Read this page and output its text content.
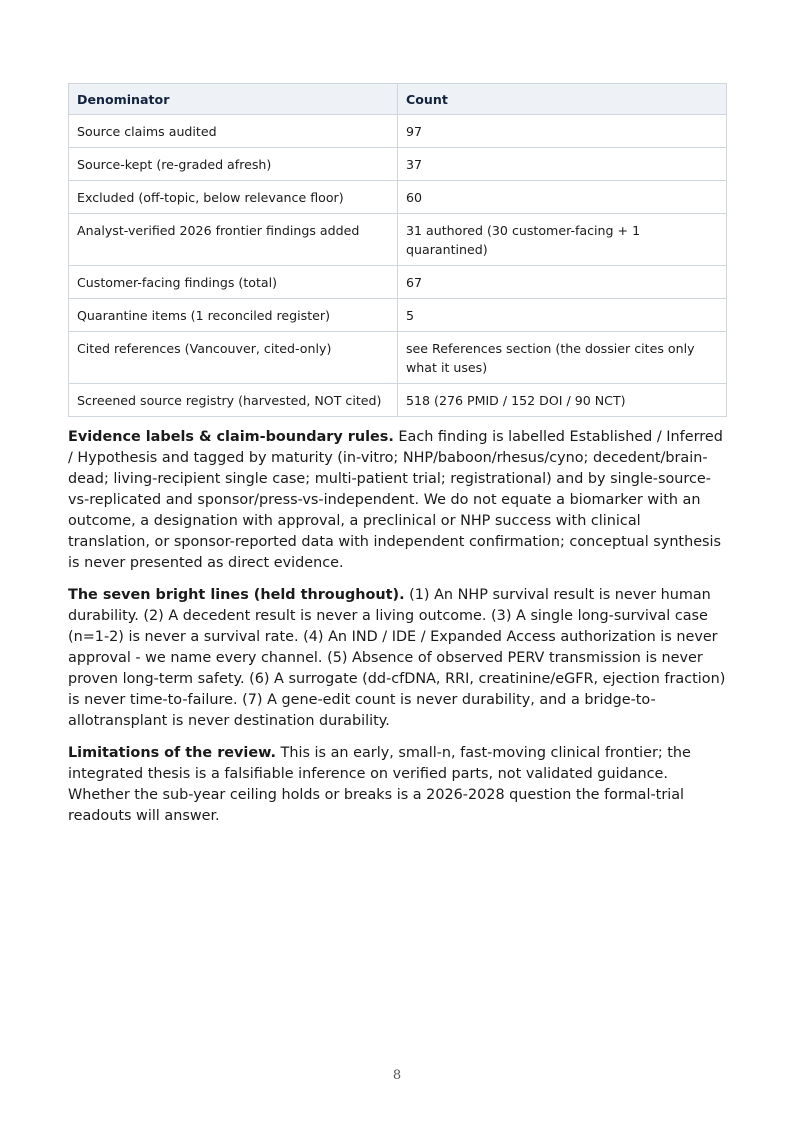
Denominator	Count
Source claims audited	97
Source-kept (re-graded afresh)	37
Excluded (off-topic, below relevance floor)	60
Analyst-verified 2026 frontier findings added	31 authored (30 customer-facing + 1 quarantined)
Customer-facing findings (total)	67
Quarantine items (1 reconciled register)	5
Cited references (Vancouver, cited-only)	see References section (the dossier cites only what it uses)
Screened source registry (harvested, NOT cited)	518 (276 PMID / 152 DOI / 90 NCT)

Evidence labels & claim-boundary rules. Each finding is labelled Established / Inferred / Hypothesis and tagged by maturity (in-vitro; NHP/baboon/rhesus/cyno; decedent/brain-dead; living-recipient single case; multi-patient trial; registrational) and by single-source-vs-replicated and sponsor/press-vs-independent. We do not equate a biomarker with an outcome, a designation with approval, a preclinical or NHP success with clinical translation, or sponsor-reported data with independent confirmation; conceptual synthesis is never presented as direct evidence.

The seven bright lines (held throughout). (1) An NHP survival result is never human durability. (2) A decedent result is never a living outcome. (3) A single long-survival case (n=1-2) is never a survival rate. (4) An IND / IDE / Expanded Access authorization is never approval - we name every channel. (5) Absence of observed PERV transmission is never proven long-term safety. (6) A surrogate (dd-cfDNA, RRI, creatinine/eGFR, ejection fraction) is never time-to-failure. (7) A gene-edit count is never durability, and a bridge-to-allotransplant is never destination durability.

Limitations of the review. This is an early, small-n, fast-moving clinical frontier; the integrated thesis is a falsifiable inference on verified parts, not validated guidance. Whether the sub-year ceiling holds or breaks is a 2026-2028 question the formal-trial readouts will answer.

8
